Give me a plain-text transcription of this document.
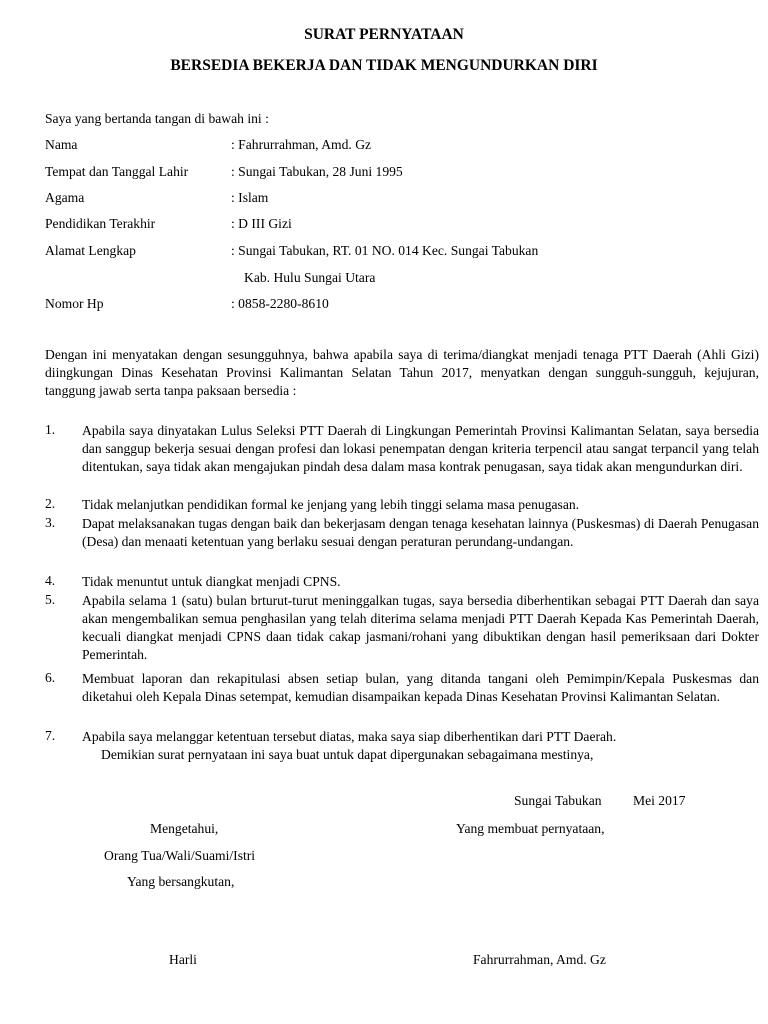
SURAT PERNYATAAN
BERSEDIA BEKERJA DAN TIDAK MENGUNDURKAN DIRI

Saya yang bertanda tangan di bawah ini :

Nama	: Fahrurrahman, Amd. Gz
Tempat dan Tanggal Lahir	: Sungai Tabukan, 28 Juni 1995
Agama	: Islam
Pendidikan Terakhir	: D III Gizi
Alamat Lengkap	: Sungai Tabukan, RT. 01 NO. 014 Kec. Sungai Tabukan
Kab. Hulu Sungai Utara
Nomor Hp	: 0858-2280-8610

Dengan ini menyatakan dengan sesungguhnya, bahwa apabila saya di terima/diangkat menjadi tenaga PTT Daerah (Ahli Gizi) diingkungan Dinas Kesehatan Provinsi Kalimantan Selatan Tahun 2017, menyatkan dengan sungguh-sungguh, kejujuran, tanggung jawab serta tanpa paksaan bersedia :

1. Apabila saya dinyatakan Lulus Seleksi PTT Daerah di Lingkungan Pemerintah Provinsi Kalimantan Selatan, saya bersedia dan sanggup bekerja sesuai dengan profesi dan lokasi penempatan dengan kriteria terpencil atau sangat terpancil yang telah ditentukan, saya tidak akan mengajukan pindah desa dalam masa kontrak penugasan, saya tidak akan mengundurkan diri.

2. Tidak melanjutkan pendidikan formal ke jenjang yang lebih tinggi selama masa penugasan.

3. Dapat melaksanakan tugas dengan baik dan bekerjasam dengan tenaga kesehatan lainnya (Puskesmas) di Daerah Penugasan (Desa) dan menaati ketentuan yang berlaku sesuai dengan peraturan perundang-undangan.

4. Tidak menuntut untuk diangkat menjadi CPNS.

5. Apabila selama 1 (satu) bulan brturut-turut meninggalkan tugas, saya bersedia diberhentikan sebagai PTT Daerah dan saya akan mengembalikan semua penghasilan yang telah diterima selama menjadi PTT Daerah Kepada Kas Pemerintah Daerah, kecuali diangkat menjadi CPNS daan tidak cakap jasmani/rohani yang dibuktikan dengan hasil pemeriksaan dari Dokter Pemerintah.

6. Membuat laporan dan rekapitulasi absen setiap bulan, yang ditanda tangani oleh Pemimpin/Kepala Puskesmas dan diketahui oleh Kepala Dinas setempat, kemudian disampaikan kepada Dinas Kesehatan Provinsi Kalimantan Selatan.

7. Apabila saya melanggar ketentuan tersebut diatas, maka saya siap diberhentikan dari PTT Daerah.

Demikian surat pernyataan ini saya buat untuk dapat dipergunakan sebagaimana mestinya,

Sungai Tabukan Mei 2017
Mengetahui,
Orang Tua/Wali/Suami/Istri
Yang bersangkutan,
Harli
Yang membuat pernyataan,
Fahrurrahman, Amd. Gz
